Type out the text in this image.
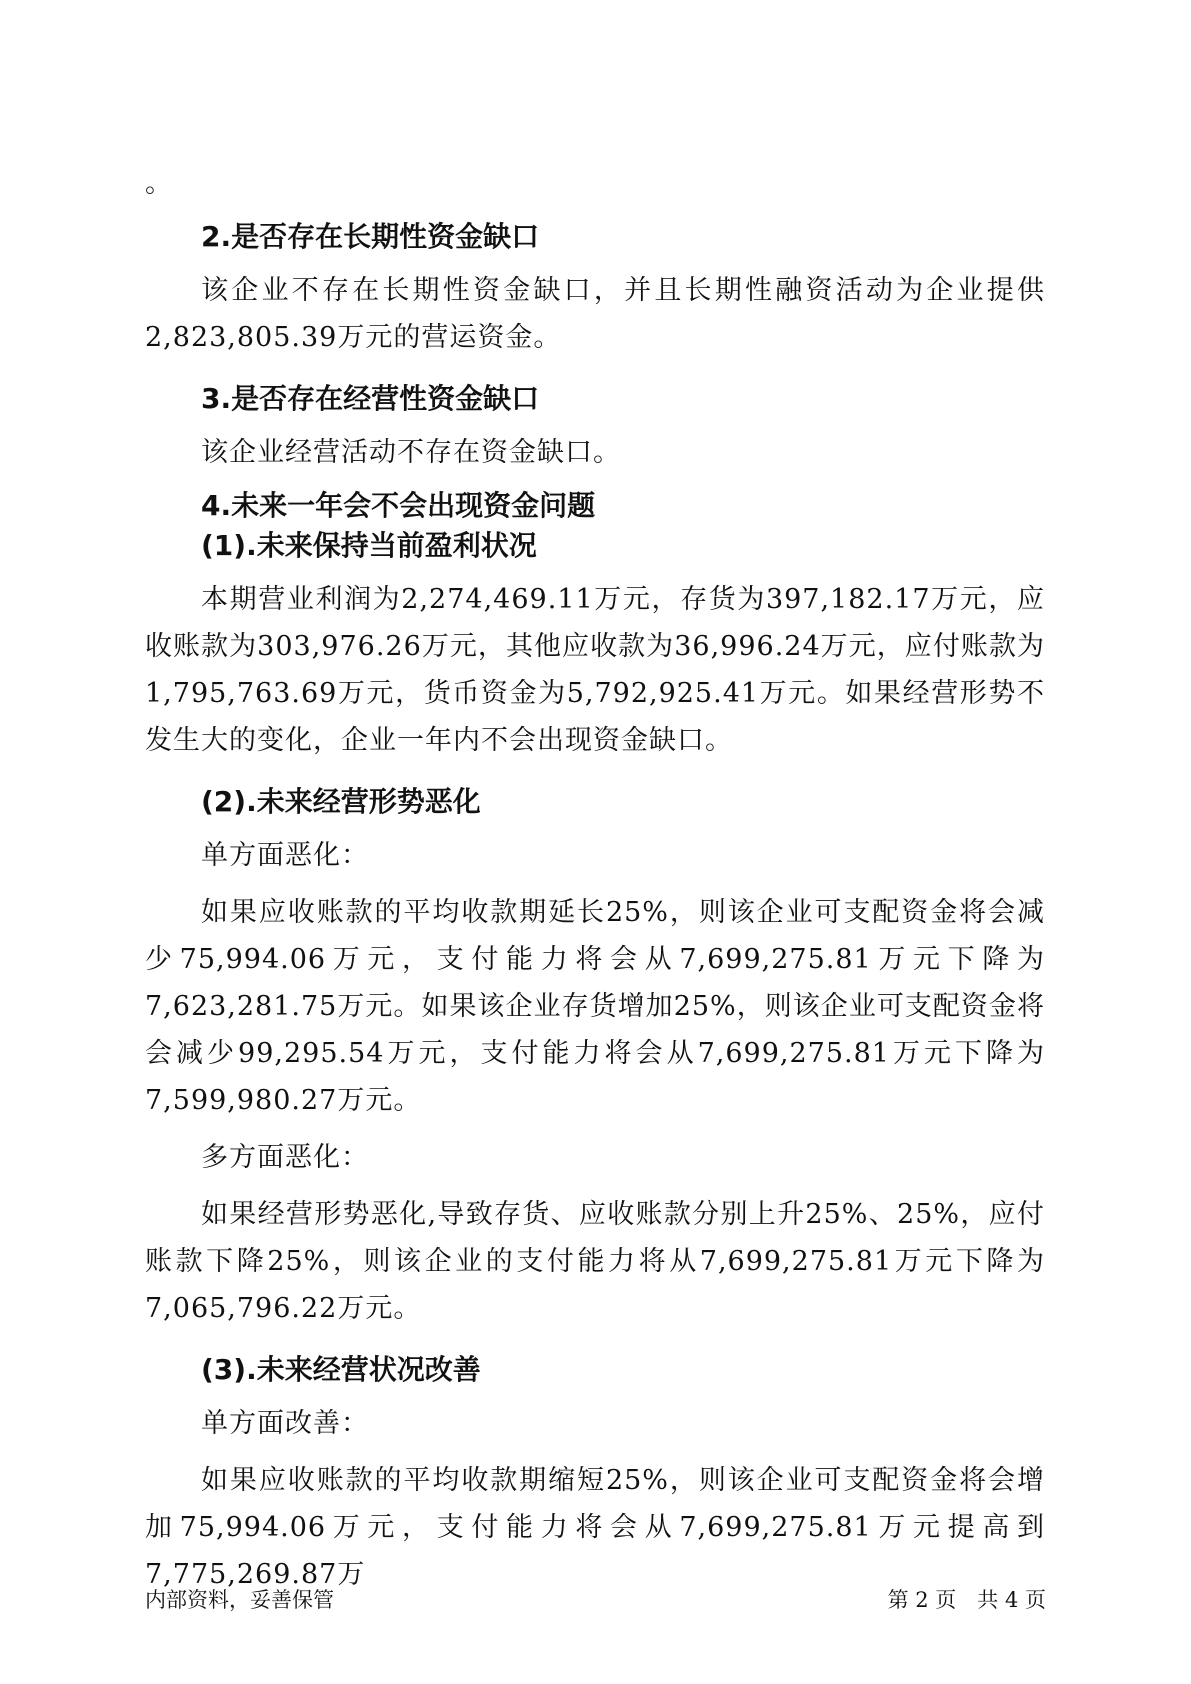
。

2.是否存在长期性资金缺口

该企业不存在长期性资金缺口，并且长期性融资活动为企业提供2,823,805.39万元的营运资金。

3.是否存在经营性资金缺口

该企业经营活动不存在资金缺口。

4.未来一年会不会出现资金问题
(1).未来保持当前盈利状况

本期营业利润为2,274,469.11万元，存货为397,182.17万元，应收账款为303,976.26万元，其他应收款为36,996.24万元，应付账款为1,795,763.69万元，货币资金为5,792,925.41万元。如果经营形势不发生大的变化，企业一年内不会出现资金缺口。

(2).未来经营形势恶化

单方面恶化：

如果应收账款的平均收款期延长25%，则该企业可支配资金将会减少75,994.06万元，支付能力将会从7,699,275.81万元下降为7,623,281.75万元。如果该企业存货增加25%，则该企业可支配资金将会减少99,295.54万元，支付能力将会从7,699,275.81万元下降为7,599,980.27万元。

多方面恶化：

如果经营形势恶化,导致存货、应收账款分别上升25%、25%，应付账款下降25%，则该企业的支付能力将从7,699,275.81万元下降为7,065,796.22万元。

(3).未来经营状况改善

单方面改善：

如果应收账款的平均收款期缩短25%，则该企业可支配资金将会增加75,994.06万元，支付能力将会从7,699,275.81万元提高到7,775,269.87万

内部资料，妥善保管	第 2 页　共 4 页
